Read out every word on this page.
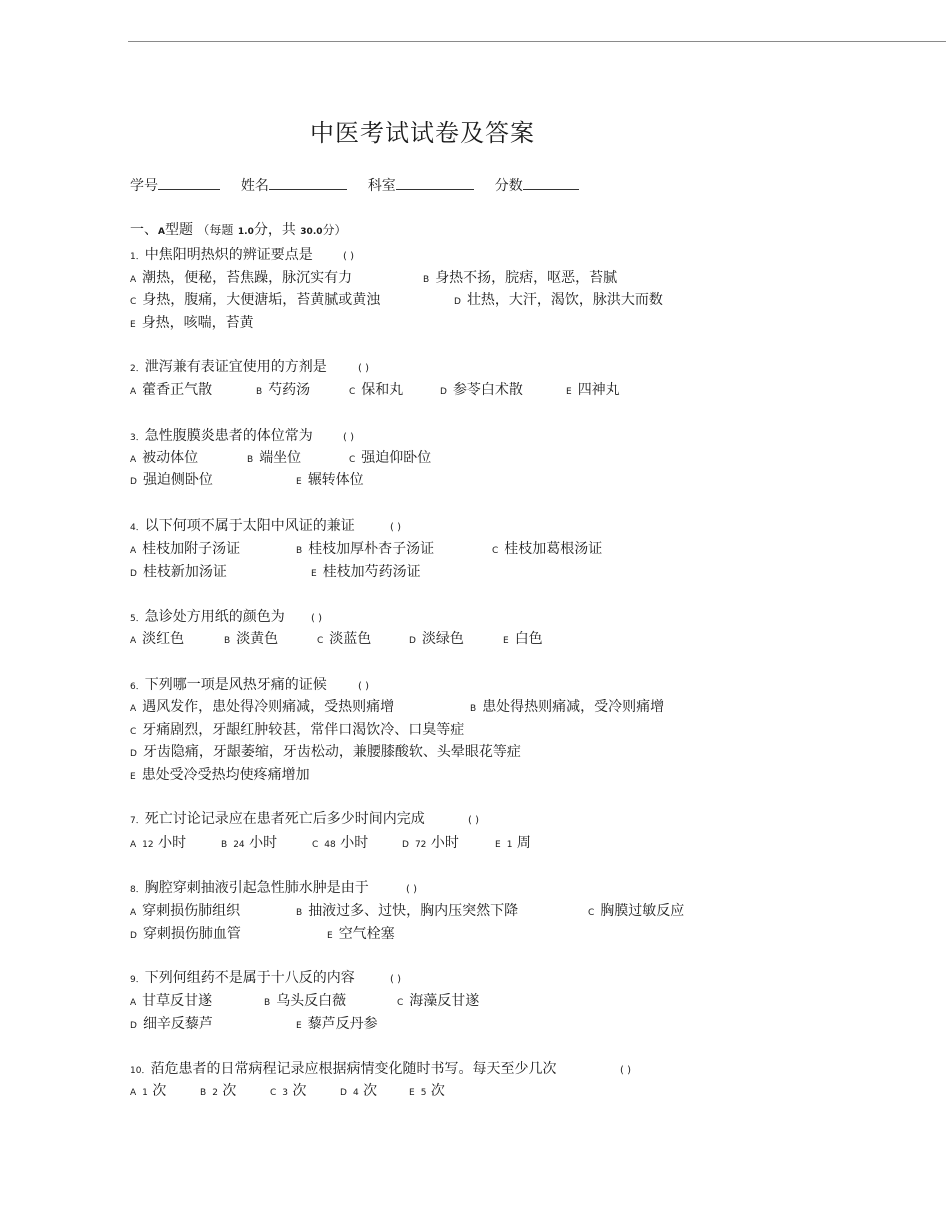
中医考试试卷及答案
学号	姓名	科室	分数
一、A型题 （每题 1.0分，共 30.0分）
1．中焦阳明热炽的辨证要点是	( )
A 潮热，便秘，苔焦躁，脉沉实有力	B 身热不扬，脘痞，呕恶，苔腻
C 身热，腹痛，大便溏垢，苔黄腻或黄浊	D 壮热，大汗，渴饮，脉洪大而数
E 身热，咳喘，苔黄
2．泄泻兼有表证宜使用的方剂是	( )
A 藿香正气散	B 芍药汤	C 保和丸	D 参苓白术散	E 四神丸
3．急性腹膜炎患者的体位常为	( )
A 被动体位	B 端坐位	C 强迫仰卧位
D 强迫侧卧位	E 辗转体位
4．以下何项不属于太阳中风证的兼证	( )
A 桂枝加附子汤证	B 桂枝加厚朴杏子汤证	C 桂枝加葛根汤证
D 桂枝新加汤证	E 桂枝加芍药汤证
5．急诊处方用纸的颜色为	( )
A 淡红色	B 淡黄色	C 淡蓝色	D 淡绿色	E 白色
6．下列哪一项是风热牙痛的证候	( )
A 遇风发作，患处得冷则痛减，受热则痛增	B 患处得热则痛减，受冷则痛增
C 牙痛剧烈，牙龈红肿较甚，常伴口渴饮冷、口臭等症
D 牙齿隐痛，牙龈萎缩，牙齿松动，兼腰膝酸软、头晕眼花等症
E 患处受冷受热均使疼痛增加
7．死亡讨论记录应在患者死亡后多少时间内完成	( )
A 12 小时	B 24 小时	C 48 小时	D 72 小时	E 1 周
8．胸腔穿刺抽液引起急性肺水肿是由于	( )
A 穿刺损伤肺组织	B 抽液过多、过快，胸内压突然下降	C 胸膜过敏反应
D 穿刺损伤肺血管	E 空气栓塞
9．下列何组药不是属于十八反的内容	( )
A 甘草反甘遂	B 乌头反白薇	C 海藻反甘遂
D 细辛反藜芦	E 藜芦反丹参
10．萡危患者的日常病程记录应根据病情变化随时书写。每天至少几次	( )
A 1 次	B 2 次	C 3 次	D 4 次	E 5 次
